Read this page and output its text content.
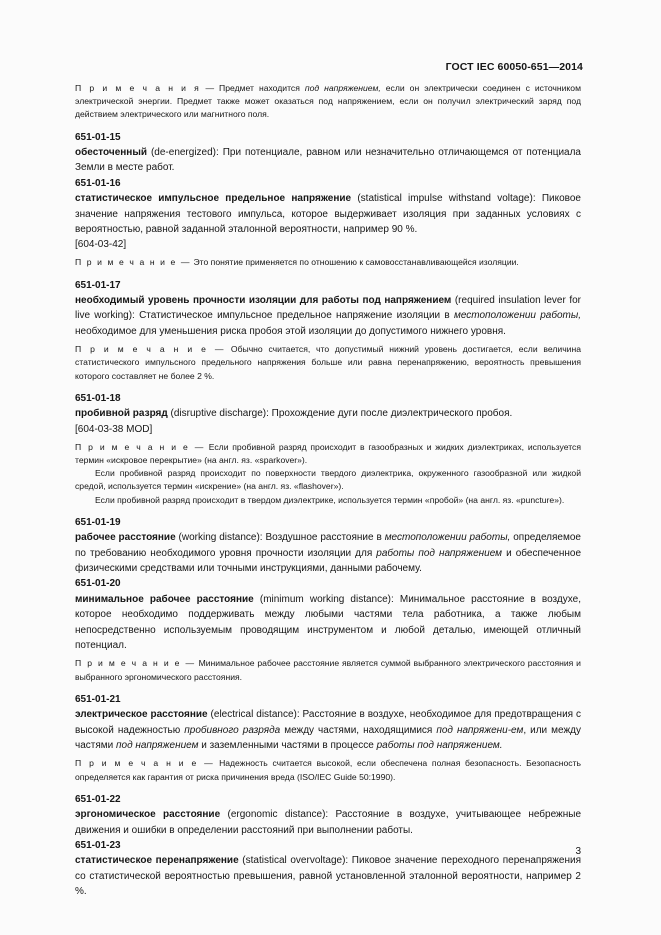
ГОСТ IEC 60050-651—2014
П р и м е ч а н и я — Предмет находится под напряжением, если он электрически соединен с источником электрической энергии. Предмет также может оказаться под напряжением, если он получил электрический заряд под действием электрического или магнитного поля.
651-01-15
обесточенный (de-energized): При потенциале, равном или незначительно отличающемся от потенциала Земли в месте работ.
651-01-16
статистическое импульсное предельное напряжение (statistical impulse withstand voltage): Пиковое значение напряжения тестового импульса, которое выдерживает изоляция при заданных условиях с вероятностью, равной заданной эталонной вероятности, например 90 %.
[604-03-42]
П р и м е ч а н и е — Это понятие применяется по отношению к самовосстанавливающейся изоляции.
651-01-17
необходимый уровень прочности изоляции для работы под напряжением (required insulation lever for live working): Статистическое импульсное предельное напряжение изоляции в местоположении работы, необходимое для уменьшения риска пробоя этой изоляции до допустимого нижнего уровня.
П р и м е ч а н и е — Обычно считается, что допустимый нижний уровень достигается, если величина статистического импульсного предельного напряжения больше или равна перенапряжению, вероятность превышения которого составляет не более 2 %.
651-01-18
пробивной разряд (disruptive discharge): Прохождение дуги после диэлектрического пробоя.
[604-03-38 MOD]
П р и м е ч а н и е — Если пробивной разряд происходит в газообразных и жидких диэлектриках, используется термин «искровое перекрытие» (на англ. яз. «sparkover»).
Если пробивной разряд происходит по поверхности твердого диэлектрика, окруженного газообразной или жидкой средой, используется термин «искрение» (на англ. яз. «flashover»).
Если пробивной разряд происходит в твердом диэлектрике, используется термин «пробой» (на англ. яз. «puncture»).
651-01-19
рабочее расстояние (working distance): Воздушное расстояние в местоположении работы, определяемое по требованию необходимого уровня прочности изоляции для работы под напряжением и обеспеченное физическими средствами или точными инструкциями, данными рабочему.
651-01-20
минимальное рабочее расстояние (minimum working distance): Минимальное расстояние в воздухе, которое необходимо поддерживать между любыми частями тела работника, а также любым непосредственно используемым проводящим инструментом и любой деталью, имеющей отличный потенциал.
П р и м е ч а н и е — Минимальное рабочее расстояние является суммой выбранного электрического расстояния и выбранного эргономического расстояния.
651-01-21
электрическое расстояние (electrical distance): Расстояние в воздухе, необходимое для предотвращения с высокой надежностью пробивного разряда между частями, находящимися под напряжени-ем, или между частями под напряжением и заземленными частями в процессе работы под напряжением.
П р и м е ч а н и е — Надежность считается высокой, если обеспечена полная безопасность. Безопасность определяется как гарантия от риска причинения вреда (ISO/IEC Guide 50:1990).
651-01-22
эргономическое расстояние (ergonomic distance): Расстояние в воздухе, учитывающее небрежные движения и ошибки в определении расстояний при выполнении работы.
651-01-23
статистическое перенапряжение (statistical overvoltage): Пиковое значение переходного перенапряжения со статистической вероятностью превышения, равной установленной эталонной вероятности, например 2 %.
3
